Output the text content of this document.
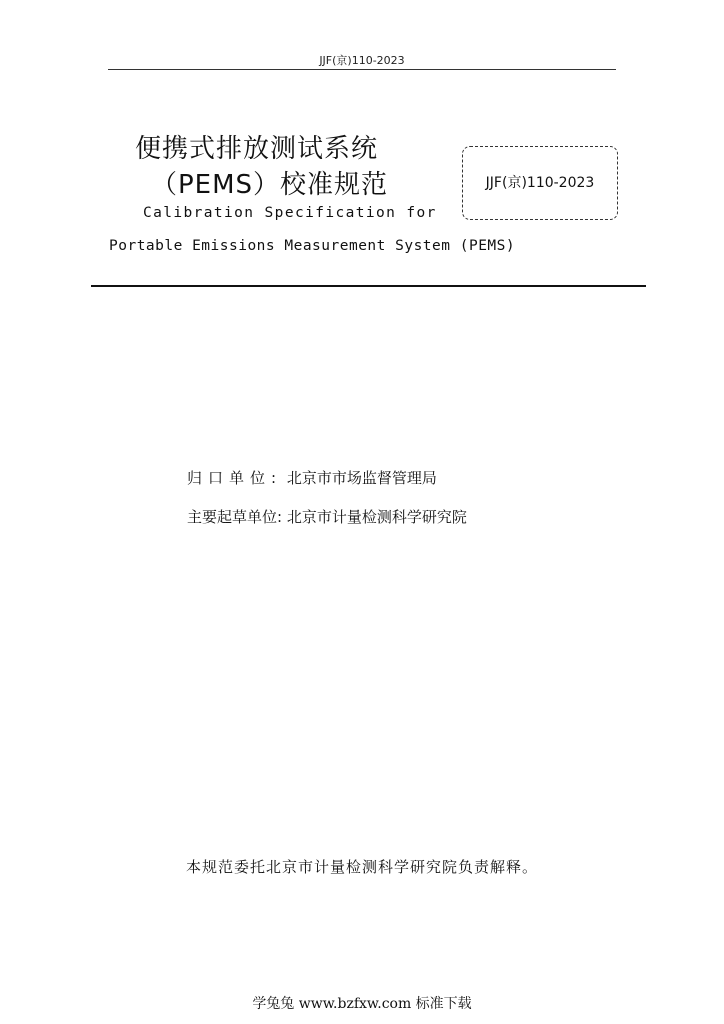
JJF(京)110-2023
便携式排放测试系统
（PEMS）校准规范
Calibration Specification for
Portable Emissions Measurement System (PEMS)
JJF(京)110-2023
归口单位: 北京市市场监督管理局
主要起草单位: 北京市计量检测科学研究院
本规范委托北京市计量检测科学研究院负责解释。
学兔兔 www.bzfxw.com 标准下载
